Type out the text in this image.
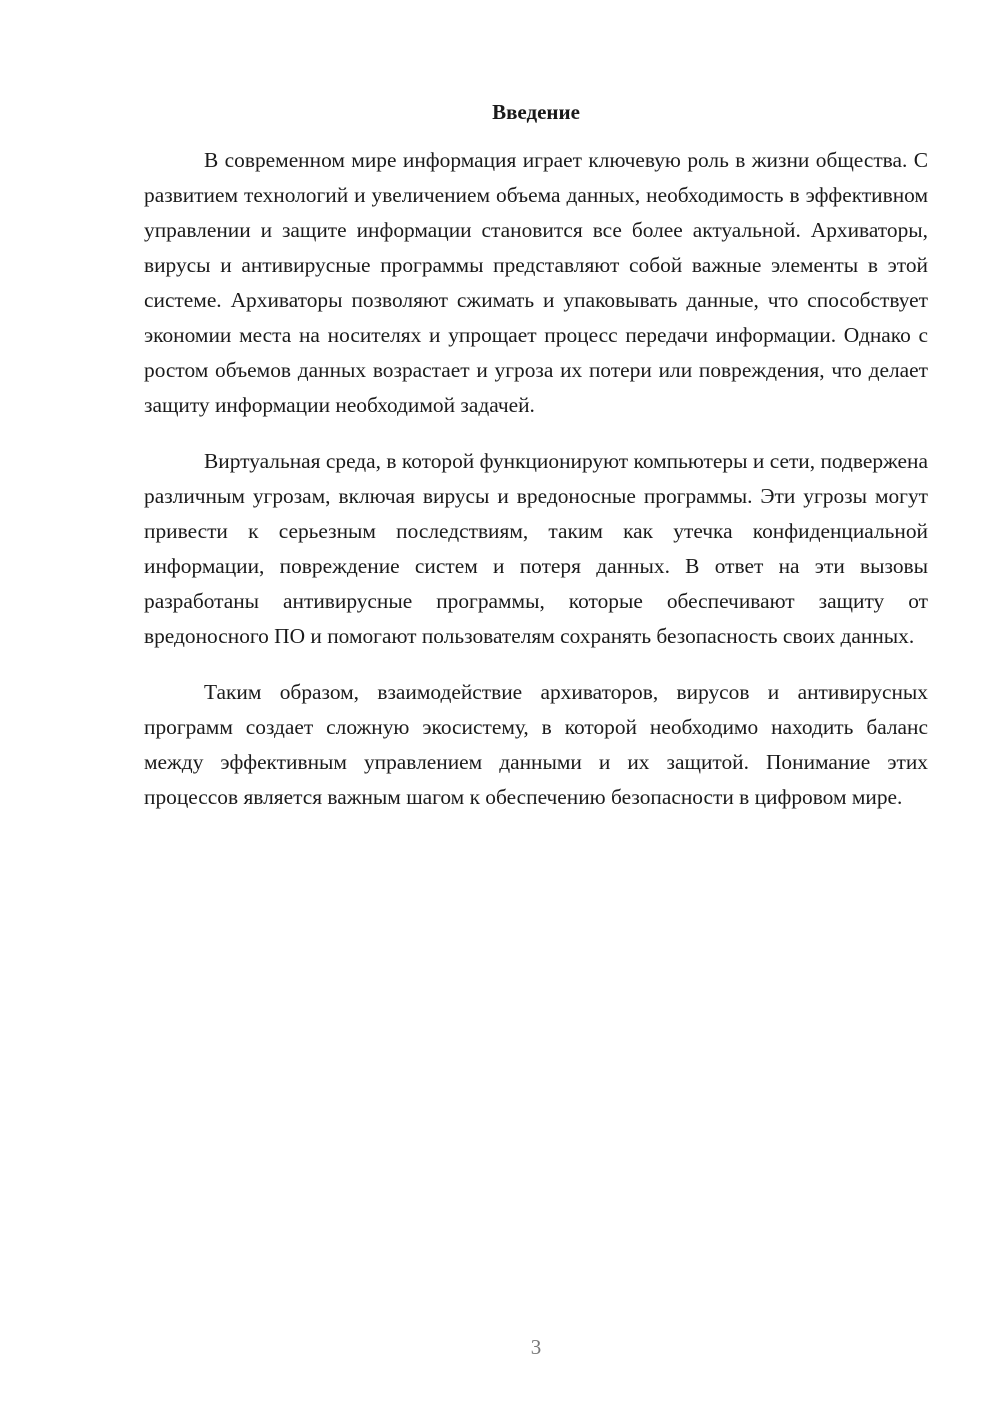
Введение

В современном мире информация играет ключевую роль в жизни общества. С развитием технологий и увеличением объема данных, необходимость в эффективном управлении и защите информации становится все более актуальной. Архиваторы, вирусы и антивирусные программы представляют собой важные элементы в этой системе. Архиваторы позволяют сжимать и упаковывать данные, что способствует экономии места на носителях и упрощает процесс передачи информации. Однако с ростом объемов данных возрастает и угроза их потери или повреждения, что делает защиту информации необходимой задачей.

Виртуальная среда, в которой функционируют компьютеры и сети, подвержена различным угрозам, включая вирусы и вредоносные программы. Эти угрозы могут привести к серьезным последствиям, таким как утечка конфиденциальной информации, повреждение систем и потеря данных. В ответ на эти вызовы разработаны антивирусные программы, которые обеспечивают защиту от вредоносного ПО и помогают пользователям сохранять безопасность своих данных.

Таким образом, взаимодействие архиваторов, вирусов и антивирусных программ создает сложную экосистему, в которой необходимо находить баланс между эффективным управлением данными и их защитой. Понимание этих процессов является важным шагом к обеспечению безопасности в цифровом мире.

3
